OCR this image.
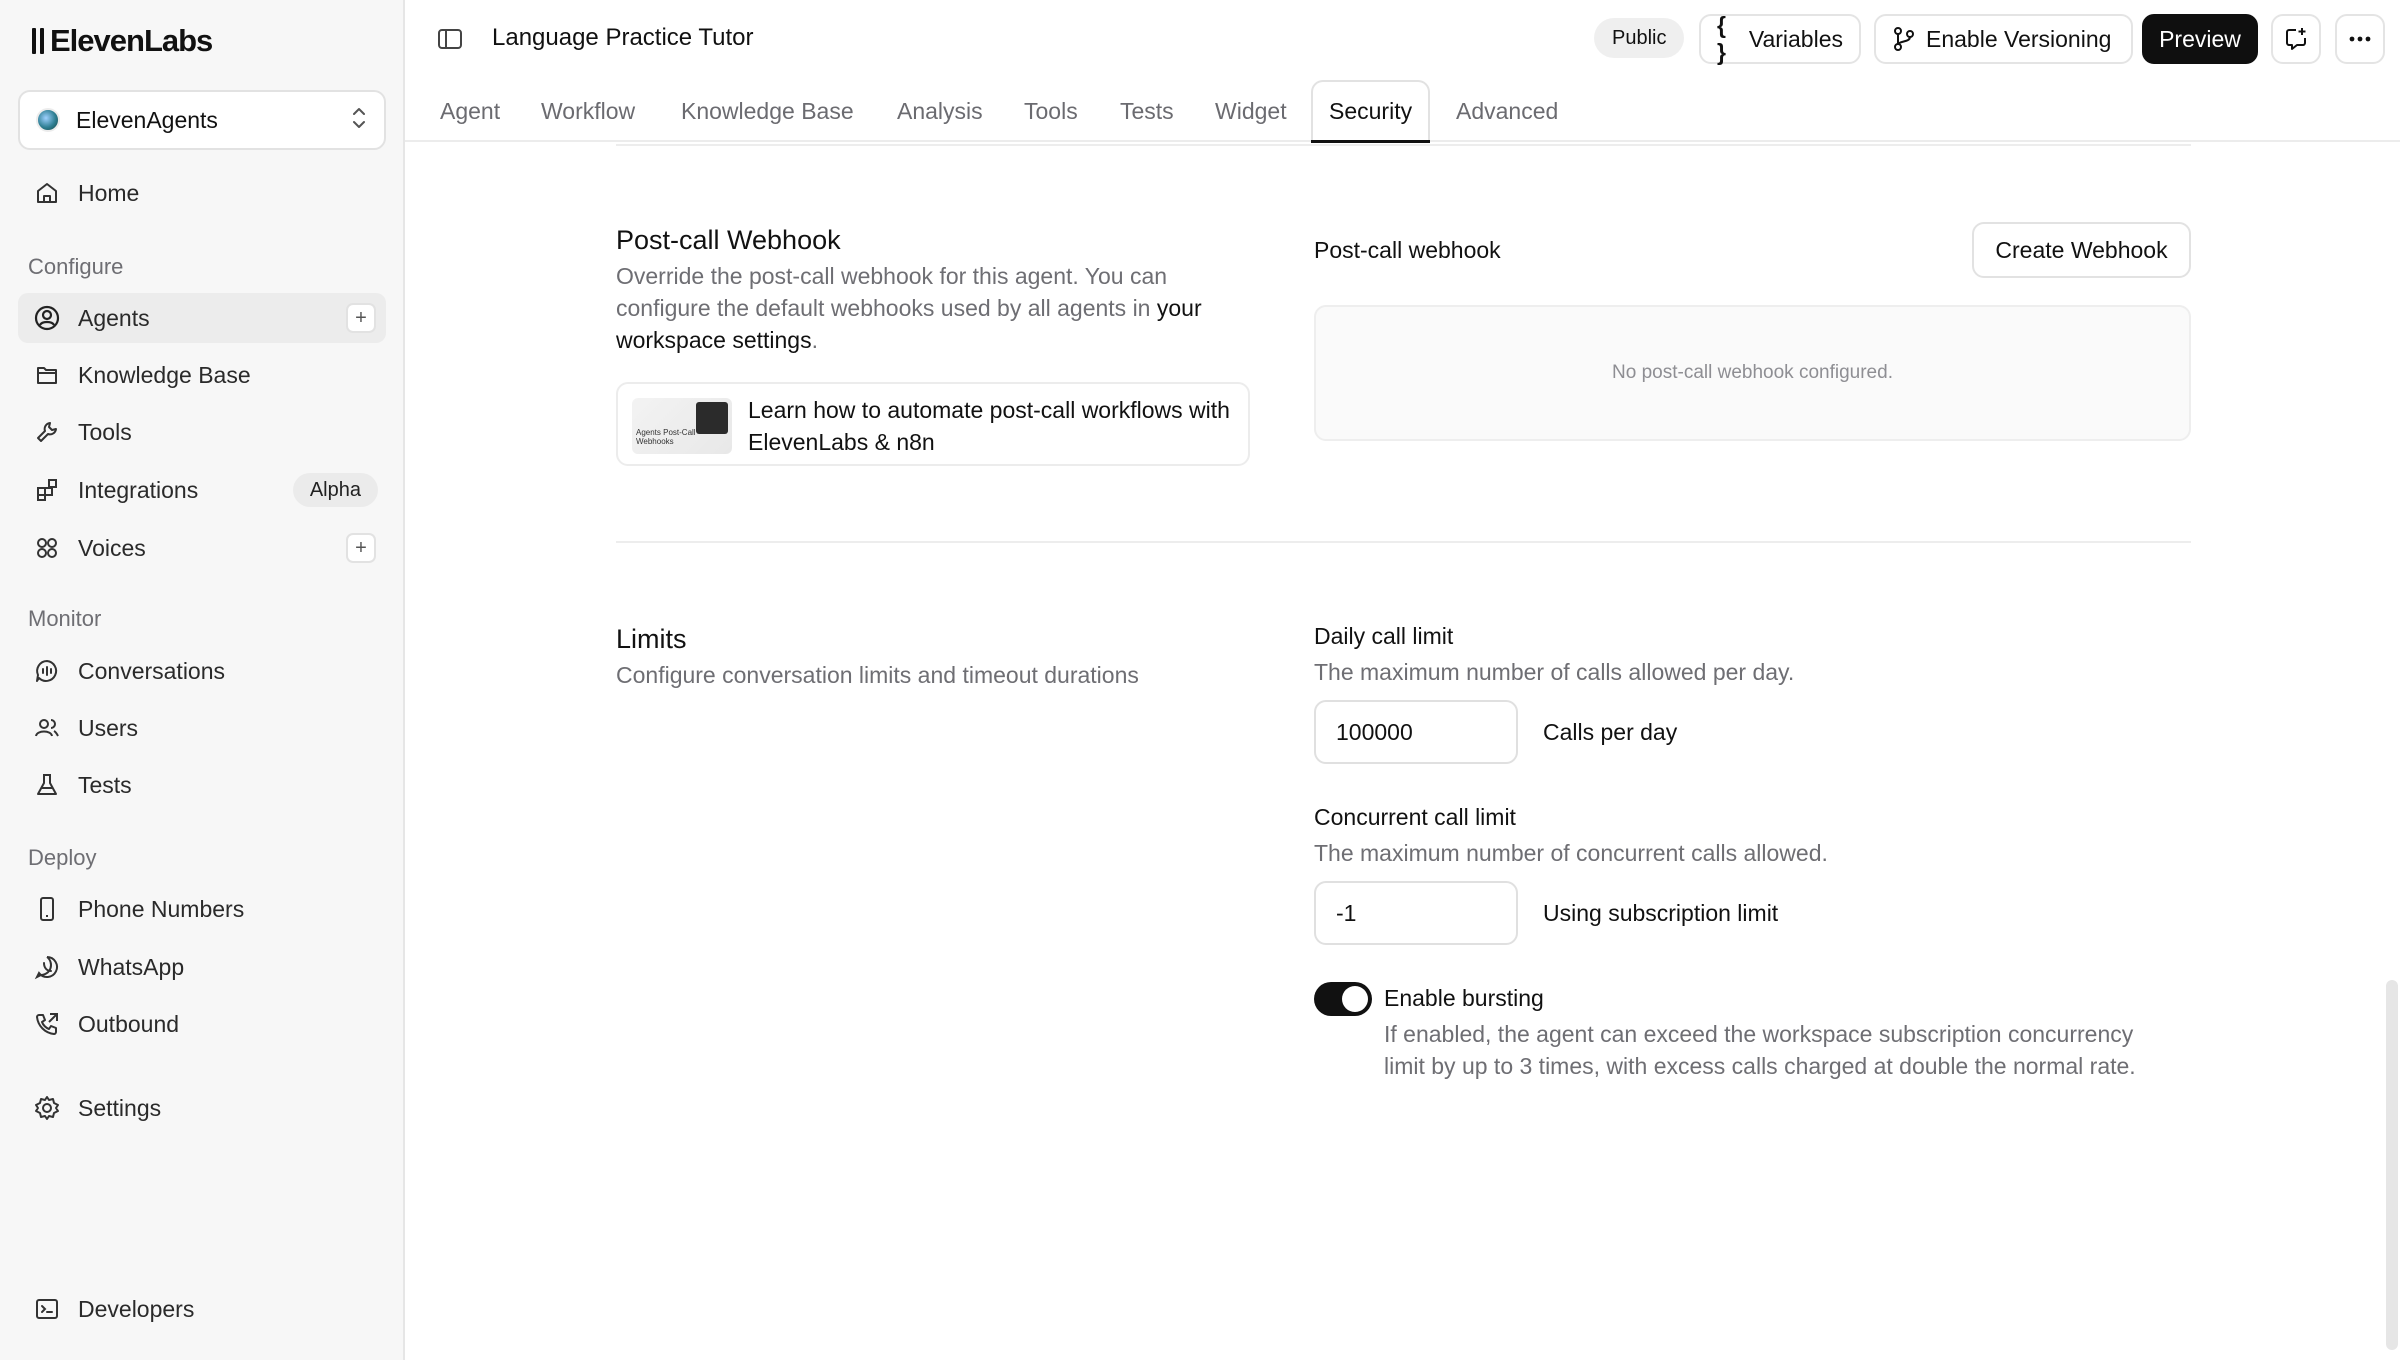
ElevenLabs
ElevenAgents
Home
Configure
Agents	+
Knowledge Base
Tools
Integrations	Alpha
Voices	+
Monitor
Conversations
Users
Tests
Deploy
Phone Numbers
WhatsApp
Outbound
Settings
Developers
Language Practice Tutor	Public	{ }
Variables	Enable Versioning Preview
Agent Workflow Knowledge Base Analysis Tools Tests Widget Security Advanced
Post-call Webhook
Override the post-call webhook for this agent. You can configure the default webhooks used by all agents in your workspace settings.
Agents Post-Call Webhooks
Learn how to automate post-call workflows with ElevenLabs & n8n
Post-call webhook	Create Webhook
No post-call webhook configured.
Limits
Configure conversation limits and timeout durations
Daily call limit
The maximum number of calls allowed per day.
100000	Calls per day
Concurrent call limit
The maximum number of concurrent calls allowed.
-1	Using subscription limit
Enable bursting
If enabled, the agent can exceed the workspace subscription concurrency limit by up to 3 times, with excess calls charged at double the normal rate.
